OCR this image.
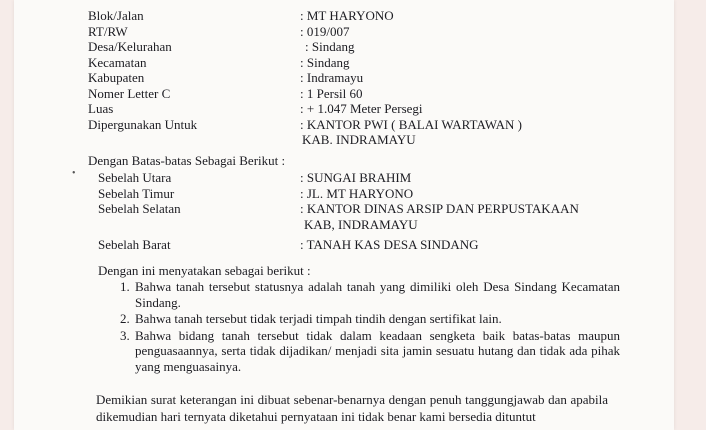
Blok/Jalan	: MT HARYONO
RT/RW	: 019/007
Desa/Kelurahan	: Sindang
Kecamatan	: Sindang
Kabupaten	: Indramayu
Nomer Letter C	: 1 Persil 60
Luas	: + 1.047 Meter Persegi
Dipergunakan Untuk	: KANTOR PWI ( BALAI WARTAWAN )
KAB. INDRAMAYU
Dengan Batas-batas Sebagai Berikut :
• Sebelah Utara	: SUNGAI BRAHIM
Sebelah Timur	: JL. MT HARYONO
Sebelah Selatan	: KANTOR DINAS ARSIP DAN PERPUSTAKAAN
KAB, INDRAMAYU
Sebelah Barat	: TANAH KAS DESA SINDANG
Dengan ini menyatakan sebagai berikut :
1. Bahwa tanah tersebut statusnya adalah tanah yang dimiliki oleh Desa Sindang Kecamatan Sindang.
2. Bahwa tanah tersebut tidak terjadi timpah tindih dengan sertifikat lain.
3. Bahwa bidang tanah tersebut tidak dalam keadaan sengketa baik batas-batas maupun penguasaannya, serta tidak dijadikan/ menjadi sita jamin sesuatu hutang dan tidak ada pihak yang menguasainya.
Demikian surat keterangan ini dibuat sebenar-benarnya dengan penuh tanggungjawab dan apabila dikemudian hari ternyata diketahui pernyataan ini tidak benar kami bersedia dituntut
